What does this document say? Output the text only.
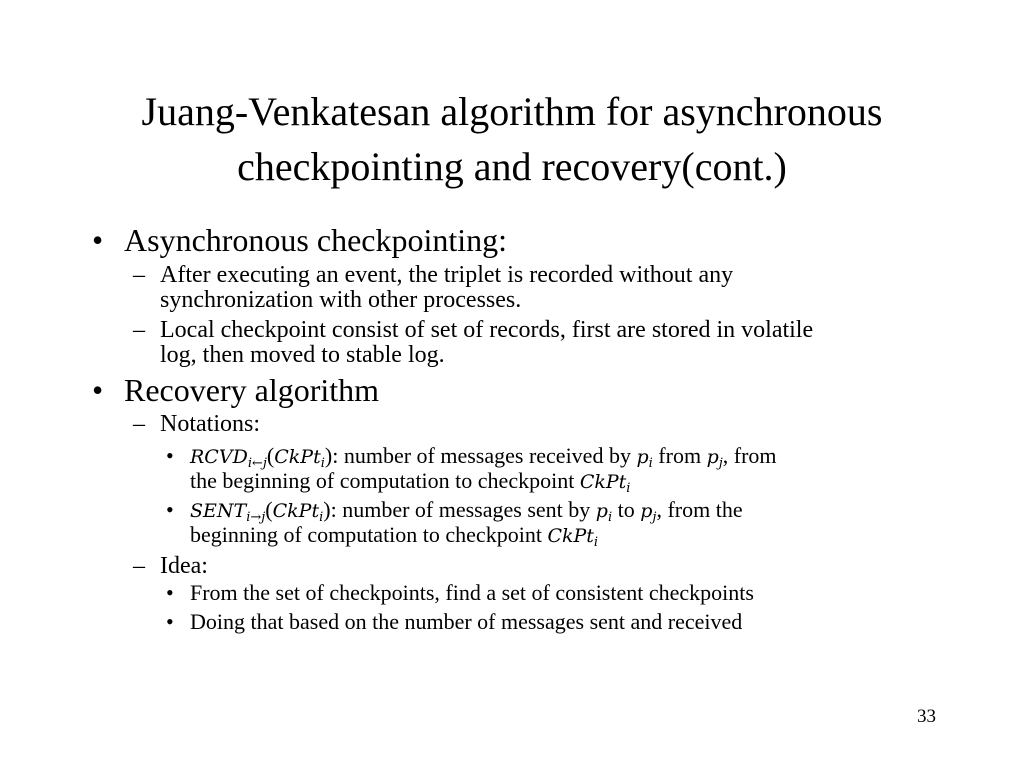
Juang-Venkatesan algorithm for asynchronous
checkpointing and recovery(cont.)
• Asynchronous checkpointing:
– After executing an event, the triplet is recorded without any
synchronization with other processes.
– Local checkpoint consist of set of records, first are stored in volatile
log, then moved to stable log.
• Recovery algorithm
– Notations:
• $RCVD_{i\leftarrow j}(CkPt_i)$: number of messages received by $p_i$ from $p_j$, from
the beginning of computation to checkpoint CkPt$_i$
• $SENT_{i\to j}(CkPt_i)$: number of messages sent by $p_i$ to $p_j$, from the
beginning of computation to checkpoint CkPt$_i$
– Idea:
• From the set of checkpoints, find a set of consistent checkpoints
• Doing that based on the number of messages sent and received
33
